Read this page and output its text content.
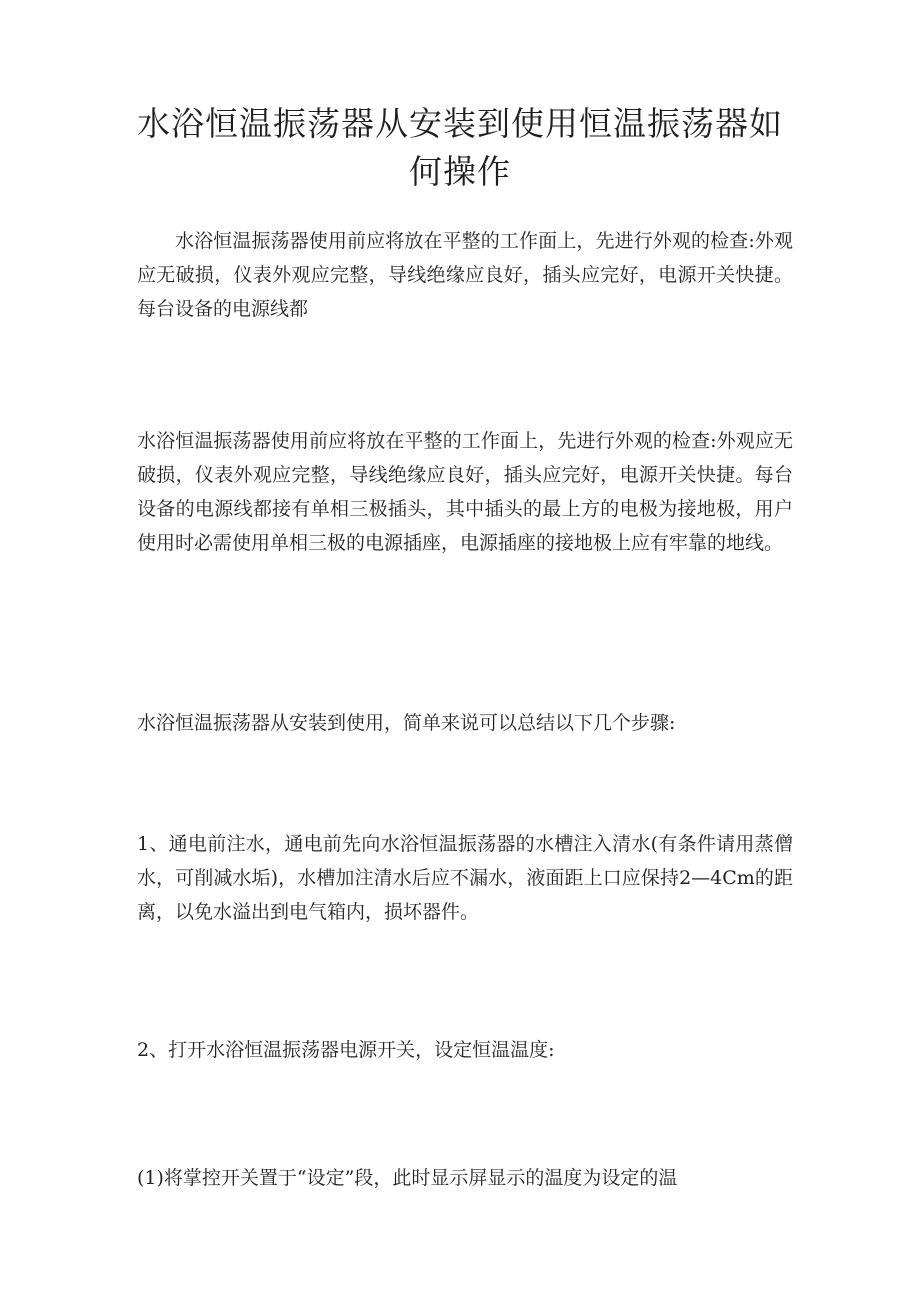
水浴恒温振荡器从安装到使用恒温振荡器如何操作

水浴恒温振荡器使用前应将放在平整的工作面上，先进行外观的检查:外观应无破损，仪表外观应完整，导线绝缘应良好，插头应完好，电源开关快捷。每台设备的电源线都

水浴恒温振荡器使用前应将放在平整的工作面上，先进行外观的检查:外观应无破损，仪表外观应完整，导线绝缘应良好，插头应完好，电源开关快捷。每台设备的电源线都接有单相三极插头，其中插头的最上方的电极为接地极，用户使用时必需使用单相三极的电源插座，电源插座的接地极上应有牢靠的地线。

水浴恒温振荡器从安装到使用，简单来说可以总结以下几个步骤:

1、通电前注水，通电前先向水浴恒温振荡器的水槽注入清水(有条件请用蒸僧水，可削减水垢)，水槽加注清水后应不漏水，液面距上口应保持2—4Cm的距离，以免水溢出到电气箱内，损坏器件。

2、打开水浴恒温振荡器电源开关，设定恒温温度:

(1)将掌控开关置于“设定”段，此时显示屏显示的温度为设定的温
